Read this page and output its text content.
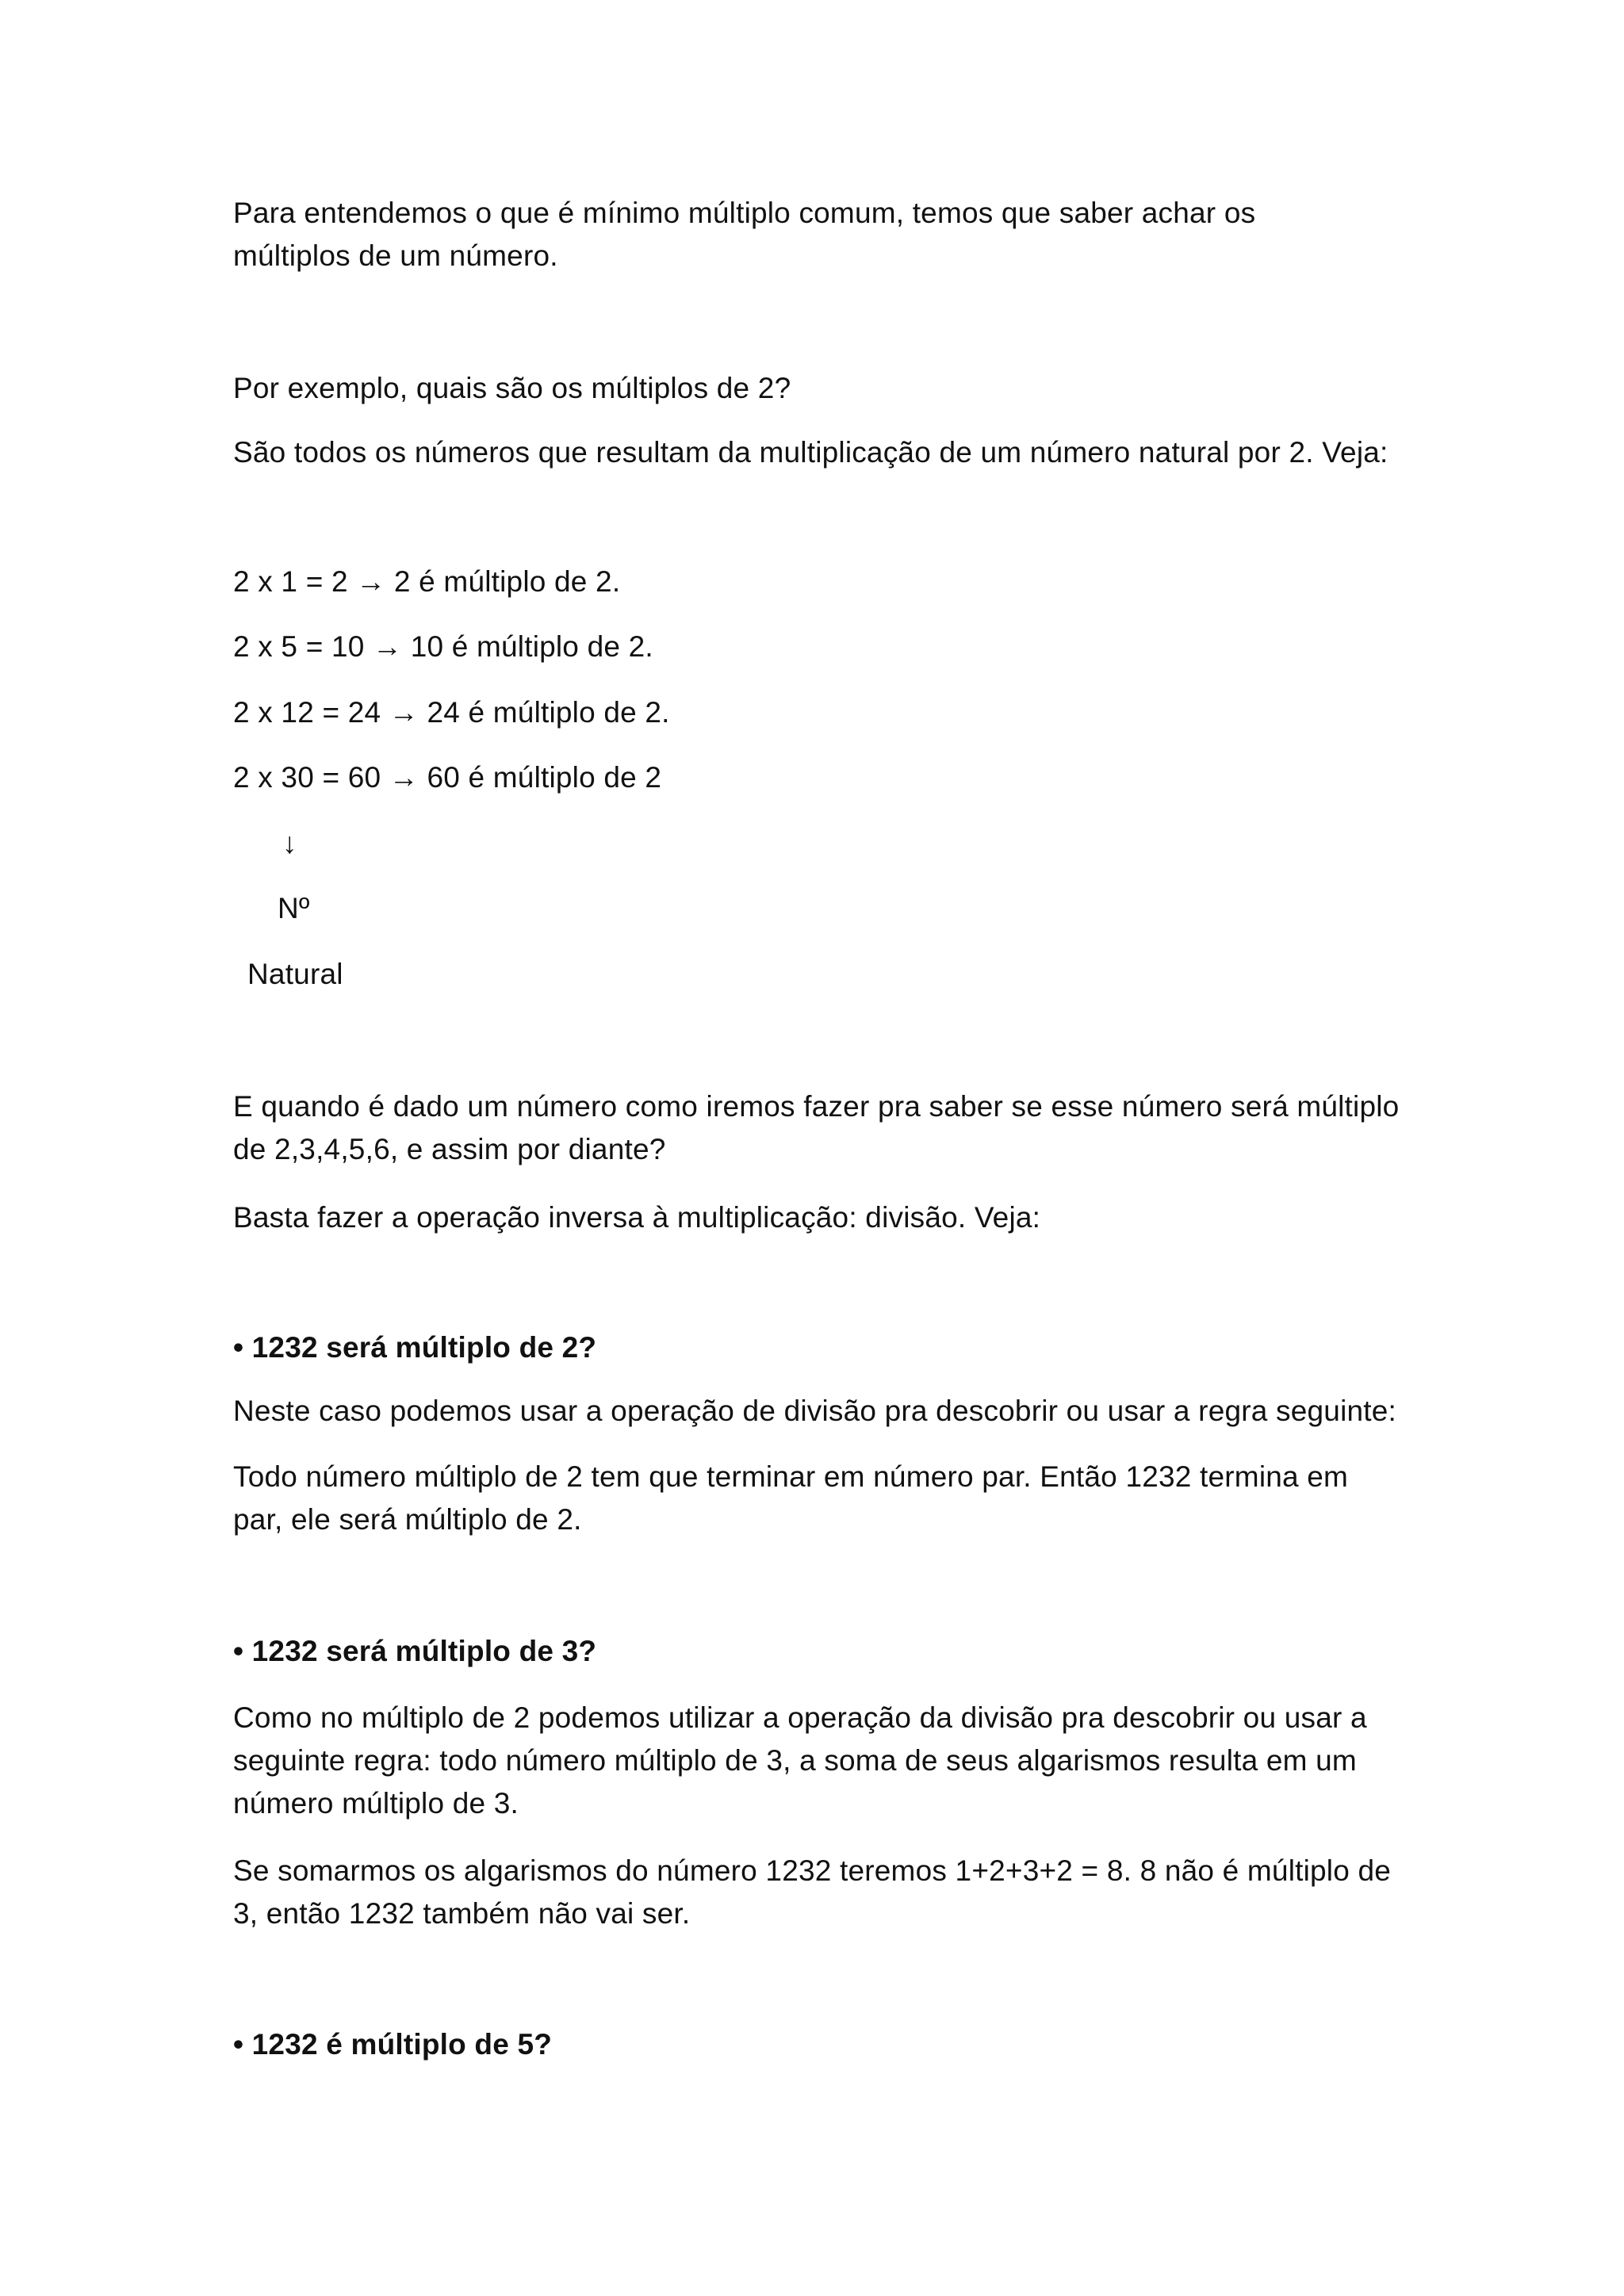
Para entendemos o que é mínimo múltiplo comum, temos que saber achar os
múltiplos de um número.
Por exemplo, quais são os múltiplos de 2?
São todos os números que resultam da multiplicação de um número natural por 2. Veja:
2 x 1 = 2 → 2 é múltiplo de 2.
2 x 5 = 10 → 10 é múltiplo de 2.
2 x 12 = 24 → 24 é múltiplo de 2.
2 x 30 = 60 → 60 é múltiplo de 2
↓
Nº
Natural
E quando é dado um número como iremos fazer pra saber se esse número será múltiplo
de 2,3,4,5,6, e assim por diante?
Basta fazer a operação inversa à multiplicação: divisão. Veja:
• 1232 será múltiplo de 2?
Neste caso podemos usar a operação de divisão pra descobrir ou usar a regra seguinte:
Todo número múltiplo de 2 tem que terminar em número par. Então 1232 termina em
par, ele será múltiplo de 2.
• 1232 será múltiplo de 3?
Como no múltiplo de 2 podemos utilizar a operação da divisão pra descobrir ou usar a
seguinte regra: todo número múltiplo de 3, a soma de seus algarismos resulta em um
número múltiplo de 3.
Se somarmos os algarismos do número 1232 teremos 1+2+3+2 = 8. 8 não é múltiplo de
3, então 1232 também não vai ser.
• 1232 é múltiplo de 5?
